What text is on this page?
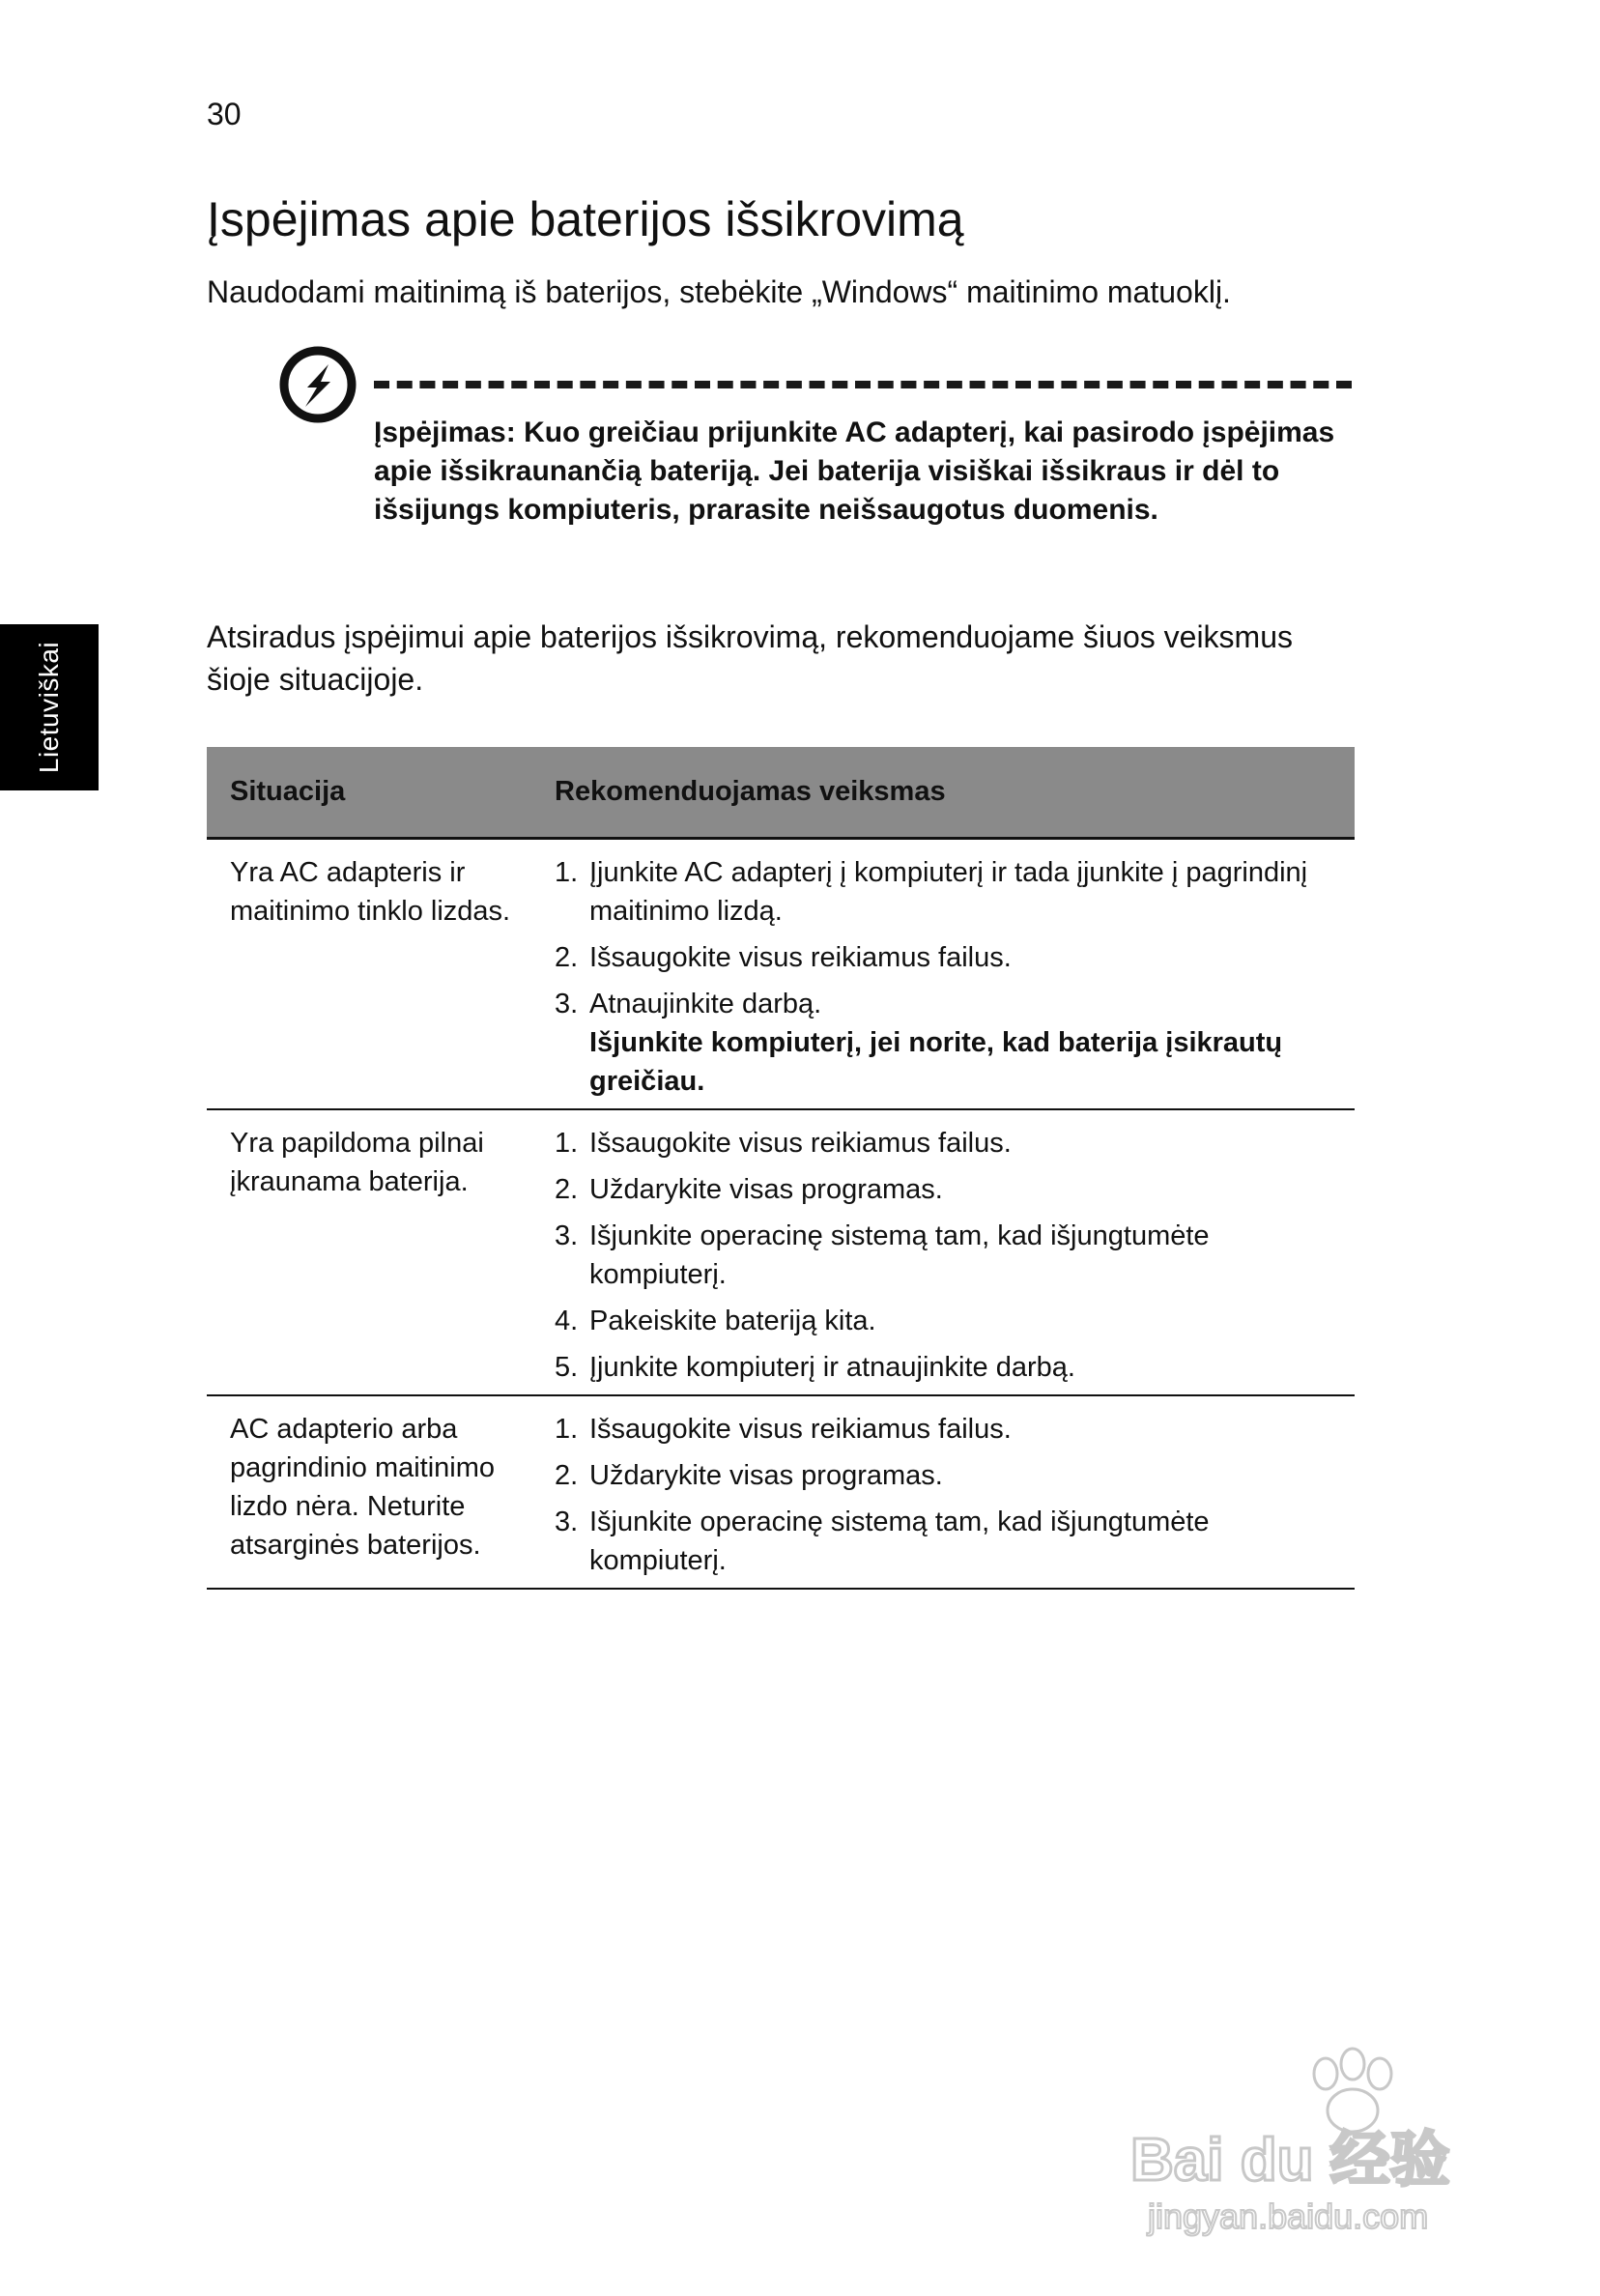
30
Lietuviškai
Įspėjimas apie baterijos išsikrovimą

Naudodami maitinimą iš baterijos, stebėkite „Windows“ maitinimo matuoklį.

Įspėjimas: Kuo greičiau prijunkite AC adapterį, kai pasirodo įspėjimas apie išsikraunančią bateriją. Jei baterija visiškai išsikraus ir dėl to išsijungs kompiuteris, prarasite neišsaugotus duomenis.

Atsiradus įspėjimui apie baterijos išsikrovimą, rekomenduojame šiuos veiksmus šioje situacijoje.

Situacija	Rekomenduojamas veiksmas
Yra AC adapteris ir maitinimo tinklo lizdas.
1. Įjunkite AC adapterį į kompiuterį ir tada įjunkite į pagrindinį maitinimo lizdą.
2. Išsaugokite visus reikiamus failus.
3. Atnaujinkite darbą.
Išjunkite kompiuterį, jei norite, kad baterija įsikrautų greičiau.
Yra papildoma pilnai įkraunama baterija.
1. Išsaugokite visus reikiamus failus.
2. Uždarykite visas programas.
3. Išjunkite operacinę sistemą tam, kad išjungtumėte kompiuterį.
4. Pakeiskite bateriją kita.
5. Įjunkite kompiuterį ir atnaujinkite darbą.
AC adapterio arba pagrindinio maitinimo lizdo nėra. Neturite atsarginės baterijos.
1. Išsaugokite visus reikiamus failus.
2. Uždarykite visas programas.
3. Išjunkite operacinę sistemą tam, kad išjungtumėte kompiuterį.
Bai du 经验
jingyan.baidu.com
